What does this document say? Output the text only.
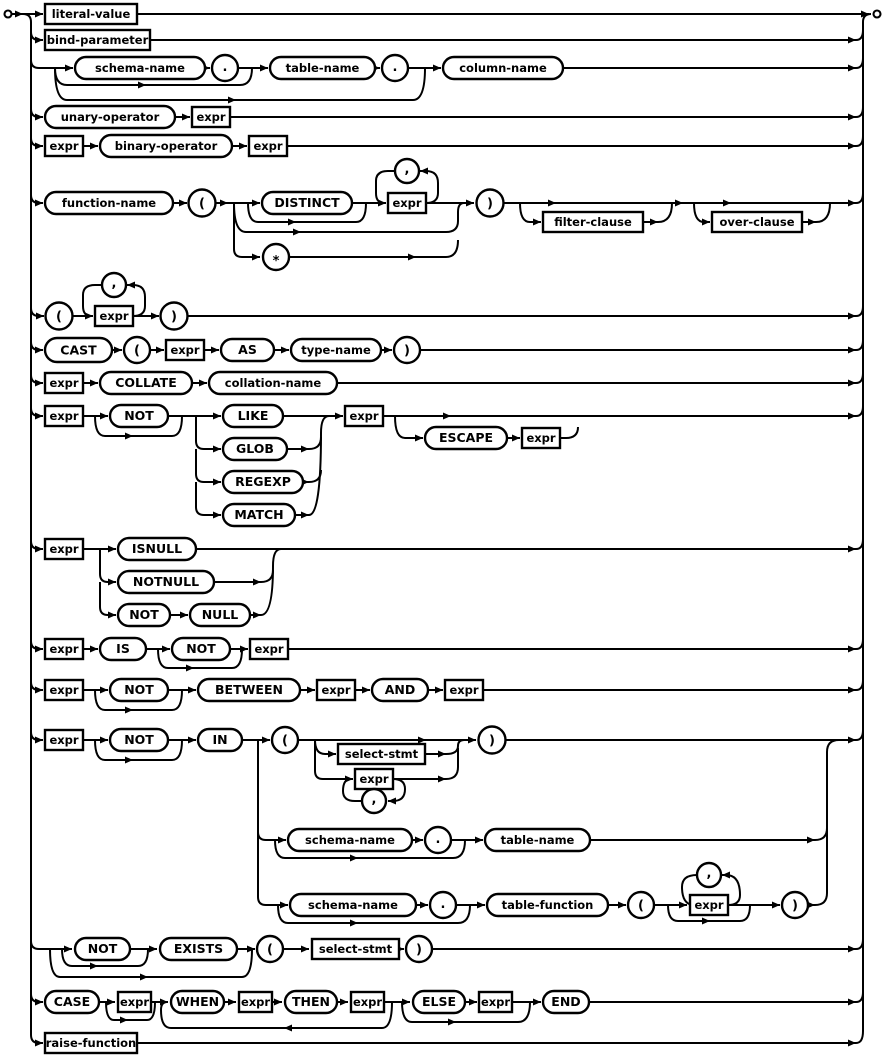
literal-value
bind-parameter
schema-name	.	table-name	.	column-name
unary-operator	expr
expr	binary-operator	expr
function-name	(	DISTINCT
,
expr
*
)
filter-clause	over-clause
(
,
expr	)
CAST	(	expr	AS	type-name	)
expr	COLLATE	collation-name
expr	NOT	LIKE
GLOB
REGEXP
MATCH
expr
ESCAPE	expr
expr	ISNULL
NOTNULL
NOT	NULL
expr	IS	NOT	expr
expr	NOT	BETWEEN	expr	AND	expr
expr	NOT	IN	(
select-stmt
expr
,
)
schema-name	.	table-name
schema-name	.	table-function	(
,
expr	)
NOT	EXISTS	(	select-stmt )
CASE	expr WHEN expr THEN expr	ELSE expr	END
raise-function
